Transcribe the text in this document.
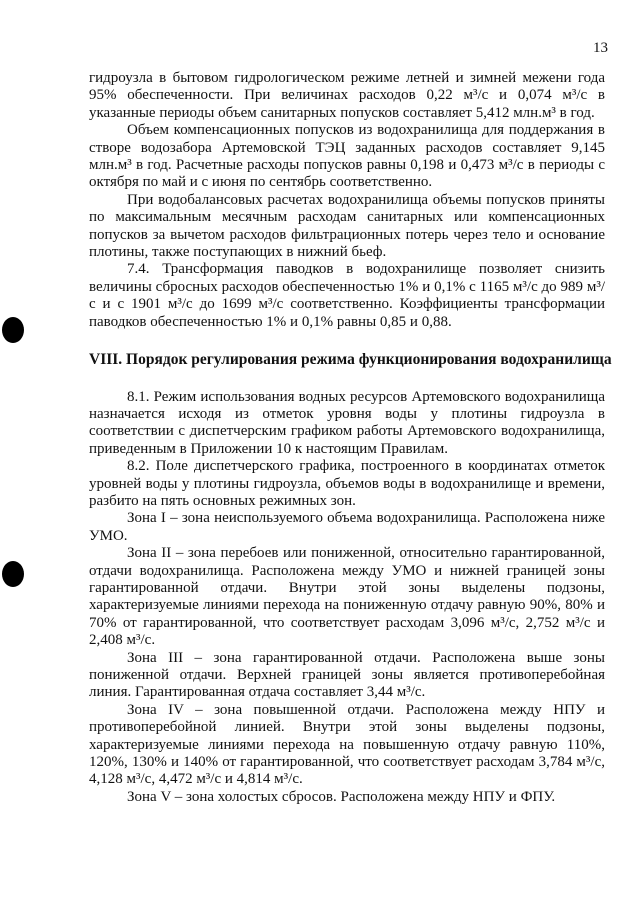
13

гидроузла в бытовом гидрологическом режиме летней и зимней межени года 95% обеспеченности. При величинах расходов 0,22 м³/с и 0,074 м³/с в указанные периоды объем санитарных попусков составляет 5,412 млн.м³ в год.

Объем компенсационных попусков из водохранилища для поддержания в створе водозабора Артемовской ТЭЦ заданных расходов составляет 9,145 млн.м³ в год. Расчетные расходы попусков равны 0,198 и 0,473 м³/с в периоды с октября по май и с июня по сентябрь соответственно.

При водобалансовых расчетах водохранилища объемы попусков приняты по максимальным месячным расходам санитарных или компенсационных попусков за вычетом расходов фильтрационных потерь через тело и основание плотины, также поступающих в нижний бьеф.

7.4. Трансформация паводков в водохранилище позволяет снизить величины сбросных расходов обеспеченностью 1% и 0,1% с 1165 м³/с до 989 м³/с и с 1901 м³/с до 1699 м³/с соответственно. Коэффициенты трансформации паводков обеспеченностью 1% и 0,1% равны 0,85 и 0,88.

VIII. Порядок регулирования режима функционирования водохранилища

8.1. Режим использования водных ресурсов Артемовского водохранилища назначается исходя из отметок уровня воды у плотины гидроузла в соответствии с диспетчерским графиком работы Артемовского водохранилища, приведенным в Приложении 10 к настоящим Правилам.

8.2. Поле диспетчерского графика, построенного в координатах отметок уровней воды у плотины гидроузла, объемов воды в водохранилище и времени, разбито на пять основных режимных зон.

Зона I – зона неиспользуемого объема водохранилища. Расположена ниже УМО.

Зона II – зона перебоев или пониженной, относительно гарантированной, отдачи водохранилища. Расположена между УМО и нижней границей зоны гарантированной отдачи. Внутри этой зоны выделены подзоны, характеризуемые линиями перехода на пониженную отдачу равную 90%, 80% и 70% от гарантированной, что соответствует расходам 3,096 м³/с, 2,752 м³/с и 2,408 м³/с.

Зона III – зона гарантированной отдачи. Расположена выше зоны пониженной отдачи. Верхней границей зоны является противоперебойная линия. Гарантированная отдача составляет 3,44 м³/с.

Зона IV – зона повышенной отдачи. Расположена между НПУ и противоперебойной линией. Внутри этой зоны выделены подзоны, характеризуемые линиями перехода на повышенную отдачу равную 110%, 120%, 130% и 140% от гарантированной, что соответствует расходам 3,784 м³/с, 4,128 м³/с, 4,472 м³/с и 4,814 м³/с.

Зона V – зона холостых сбросов. Расположена между НПУ и ФПУ.
